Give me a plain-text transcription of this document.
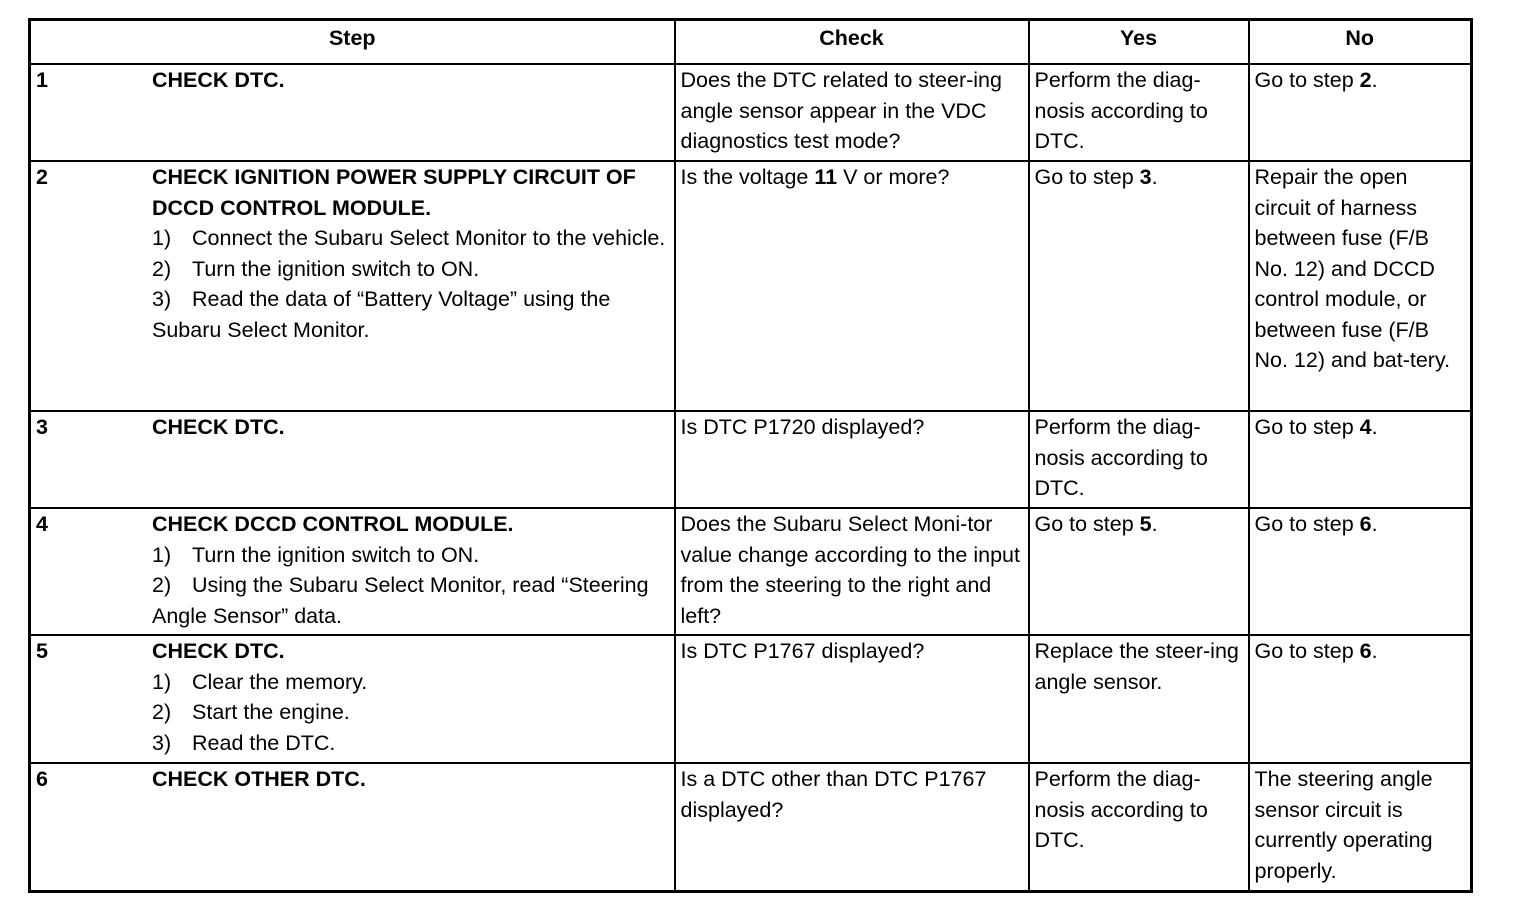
Step	Check	Yes	No
1 CHECK DTC.	Does the DTC related to steer-ing angle sensor appear in the VDC diagnostics test mode?	Perform the diag-nosis according to DTC.	Go to step 2.
2 CHECK IGNITION POWER SUPPLY CIRCUIT OF DCCD CONTROL MODULE.
1) Connect the Subaru Select Monitor to the vehicle.
2) Turn the ignition switch to ON.
3) Read the data of “Battery Voltage” using the Subaru Select Monitor.	Is the voltage 11 V or more?	Go to step 3.	Repair the open circuit of harness between fuse (F/B No. 12) and DCCD control module, or between fuse (F/B No. 12) and bat-tery.
3 CHECK DTC.	Is DTC P1720 displayed?	Perform the diag-nosis according to DTC.	Go to step 4.
4 CHECK DCCD CONTROL MODULE.
1) Turn the ignition switch to ON.
2) Using the Subaru Select Monitor, read “Steering Angle Sensor” data.	Does the Subaru Select Moni-tor value change according to the input from the steering to the right and left?	Go to step 5.	Go to step 6.
5 CHECK DTC.
1) Clear the memory.
2) Start the engine.
3) Read the DTC.	Is DTC P1767 displayed?	Replace the steer-ing angle sensor.	Go to step 6.
6 CHECK OTHER DTC.	Is a DTC other than DTC P1767 displayed?	Perform the diag-nosis according to DTC.	The steering angle sensor circuit is currently operating properly.
